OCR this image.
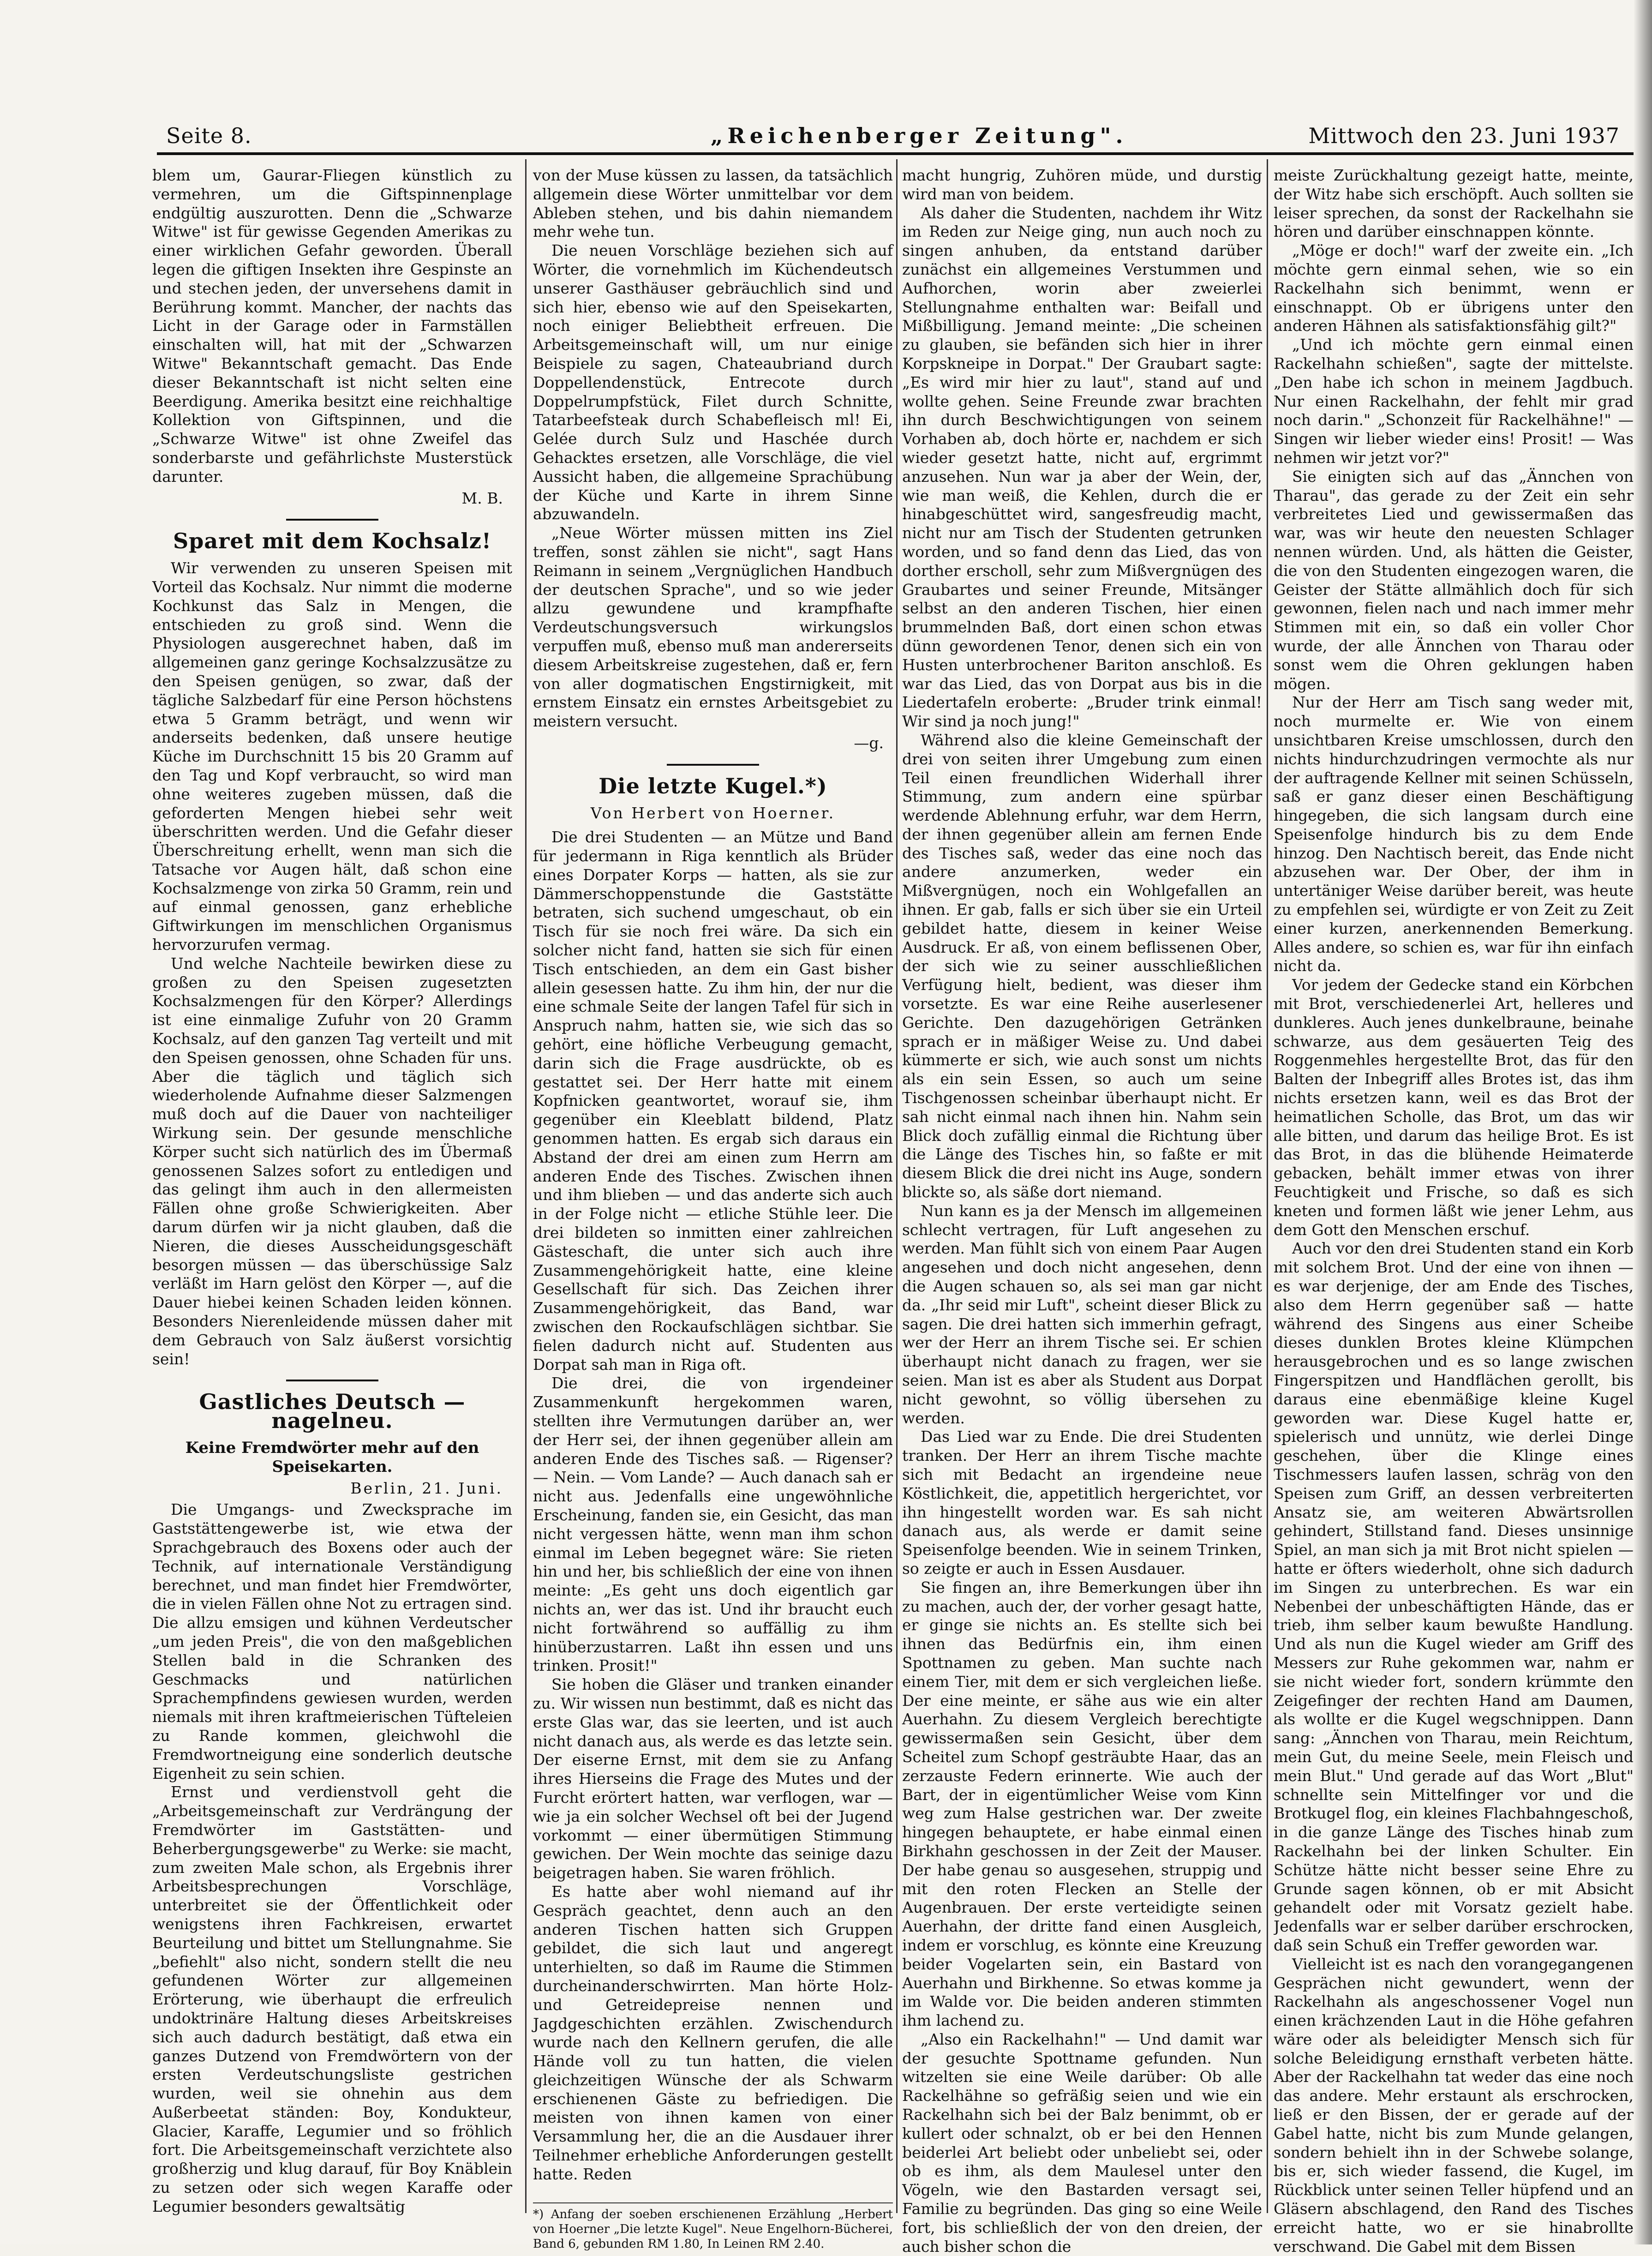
Seite 8.	„Reichenberger Zeitung".	Mittwoch den 23. Juni 1937

blem um, Gaurar-Fliegen künstlich zu vermehren, um die Giftspinnenplage endgültig auszurotten. Denn die „Schwarze Witwe" ist für gewisse Gegenden Amerikas zu einer wirklichen Gefahr geworden. Überall legen die giftigen Insekten ihre Gespinste an und stechen jeden, der unversehens damit in Berührung kommt. Mancher, der nachts das Licht in der Garage oder in Farmställen einschalten will, hat mit der „Schwarzen Witwe" Bekanntschaft gemacht. Das Ende dieser Bekanntschaft ist nicht selten eine Beerdigung. Amerika besitzt eine reichhaltige Kollektion von Giftspinnen, und die „Schwarze Witwe" ist ohne Zweifel das sonderbarste und gefährlichste Musterstück darunter.

M. B.
Sparet mit dem Kochsalz!

Wir verwenden zu unseren Speisen mit Vorteil das Kochsalz. Nur nimmt die moderne Kochkunst das Salz in Mengen, die entschieden zu groß sind. Wenn die Physiologen ausgerechnet haben, daß im allgemeinen ganz geringe Kochsalzzusätze zu den Speisen genügen, so zwar, daß der tägliche Salzbedarf für eine Person höchstens etwa 5 Gramm beträgt, und wenn wir anderseits bedenken, daß unsere heutige Küche im Durchschnitt 15 bis 20 Gramm auf den Tag und Kopf verbraucht, so wird man ohne weiteres zugeben müssen, daß die geforderten Mengen hiebei sehr weit überschritten werden. Und die Gefahr dieser Überschreitung erhellt, wenn man sich die Tatsache vor Augen hält, daß schon eine Kochsalzmenge von zirka 50 Gramm, rein und auf einmal genossen, ganz erhebliche Giftwirkungen im menschlichen Organismus hervorzurufen vermag.

Und welche Nachteile bewirken diese zu großen zu den Speisen zugesetzten Kochsalzmengen für den Körper? Allerdings ist eine einmalige Zufuhr von 20 Gramm Kochsalz, auf den ganzen Tag verteilt und mit den Speisen genossen, ohne Schaden für uns. Aber die täglich und täglich sich wiederholende Aufnahme dieser Salzmengen muß doch auf die Dauer von nachteiliger Wirkung sein. Der gesunde menschliche Körper sucht sich natürlich des im Übermaß genossenen Salzes sofort zu entledigen und das gelingt ihm auch in den allermeisten Fällen ohne große Schwierigkeiten. Aber darum dürfen wir ja nicht glauben, daß die Nieren, die dieses Ausscheidungsgeschäft besorgen müssen — das überschüssige Salz verläßt im Harn gelöst den Körper —, auf die Dauer hiebei keinen Schaden leiden können. Besonders Nierenleidende müssen daher mit dem Gebrauch von Salz äußerst vorsichtig sein!

Gastliches Deutsch — nagelneu.
Keine Fremdwörter mehr auf den Speisekarten.
Berlin, 21. Juni.

Die Umgangs- und Zwecksprache im Gaststättengewerbe ist, wie etwa der Sprachgebrauch des Boxens oder auch der Technik, auf internationale Verständigung berechnet, und man findet hier Fremdwörter, die in vielen Fällen ohne Not zu ertragen sind. Die allzu emsigen und kühnen Verdeutscher „um jeden Preis", die von den maßgeblichen Stellen bald in die Schranken des Geschmacks und natürlichen Sprachempfindens gewiesen wurden, werden niemals mit ihren kraftmeierischen Tüfteleien zu Rande kommen, gleichwohl die Fremdwortneigung eine sonderlich deutsche Eigenheit zu sein schien.

Ernst und verdienstvoll geht die „Arbeitsgemeinschaft zur Verdrängung der Fremdwörter im Gaststätten- und Beherbergungsgewerbe" zu Werke: sie macht, zum zweiten Male schon, als Ergebnis ihrer Arbeitsbesprechungen Vorschläge, unterbreitet sie der Öffentlichkeit oder wenigstens ihren Fachkreisen, erwartet Beurteilung und bittet um Stellungnahme. Sie „befiehlt" also nicht, sondern stellt die neu gefundenen Wörter zur allgemeinen Erörterung, wie überhaupt die erfreulich undoktrinäre Haltung dieses Arbeitskreises sich auch dadurch bestätigt, daß etwa ein ganzes Dutzend von Fremdwörtern von der ersten Verdeutschungsliste gestrichen wurden, weil sie ohnehin aus dem Außerbeetat ständen: Boy, Kondukteur, Glacier, Karaffe, Legumier und so fröhlich fort. Die Arbeitsgemeinschaft verzichtete also großherzig und klug darauf, für Boy Knäblein zu setzen oder sich wegen Karaffe oder Legumier besonders gewaltsätig

von der Muse küssen zu lassen, da tatsächlich allgemein diese Wörter unmittelbar vor dem Ableben stehen, und bis dahin niemandem mehr wehe tun.

Die neuen Vorschläge beziehen sich auf Wörter, die vornehmlich im Küchendeutsch unserer Gasthäuser gebräuchlich sind und sich hier, ebenso wie auf den Speisekarten, noch einiger Beliebtheit erfreuen. Die Arbeitsgemeinschaft will, um nur einige Beispiele zu sagen, Chateaubriand durch Doppellendenstück, Entrecote durch Doppelrumpfstück, Filet durch Schnitte, Tatarbeefsteak durch Schabefleisch ml! Ei, Gelée durch Sulz und Haschée durch Gehacktes ersetzen, alle Vorschläge, die viel Aussicht haben, die allgemeine Sprachübung der Küche und Karte in ihrem Sinne abzuwandeln.

„Neue Wörter müssen mitten ins Ziel treffen, sonst zählen sie nicht", sagt Hans Reimann in seinem „Vergnüglichen Handbuch der deutschen Sprache", und so wie jeder allzu gewundene und krampfhafte Verdeutschungsversuch wirkungslos verpuffen muß, ebenso muß man andererseits diesem Arbeitskreise zugestehen, daß er, fern von aller dogmatischen Engstirnigkeit, mit ernstem Einsatz ein ernstes Arbeitsgebiet zu meistern versucht.

—g.
Die letzte Kugel.*)
Von Herbert von Hoerner.

Die drei Studenten — an Mütze und Band für jedermann in Riga kenntlich als Brüder eines Dorpater Korps — hatten, als sie zur Dämmerschoppenstunde die Gaststätte betraten, sich suchend umgeschaut, ob ein Tisch für sie noch frei wäre. Da sich ein solcher nicht fand, hatten sie sich für einen Tisch entschieden, an dem ein Gast bisher allein gesessen hatte. Zu ihm hin, der nur die eine schmale Seite der langen Tafel für sich in Anspruch nahm, hatten sie, wie sich das so gehört, eine höfliche Verbeugung gemacht, darin sich die Frage ausdrückte, ob es gestattet sei. Der Herr hatte mit einem Kopfnicken geantwortet, worauf sie, ihm gegenüber ein Kleeblatt bildend, Platz genommen hatten. Es ergab sich daraus ein Abstand der drei am einen zum Herrn am anderen Ende des Tisches. Zwischen ihnen und ihm blieben — und das anderte sich auch in der Folge nicht — etliche Stühle leer. Die drei bildeten so inmitten einer zahlreichen Gästeschaft, die unter sich auch ihre Zusammengehörigkeit hatte, eine kleine Gesellschaft für sich. Das Zeichen ihrer Zusammengehörigkeit, das Band, war zwischen den Rockaufschlägen sichtbar. Sie fielen dadurch nicht auf. Studenten aus Dorpat sah man in Riga oft.

Die drei, die von irgendeiner Zusammenkunft hergekommen waren, stellten ihre Vermutungen darüber an, wer der Herr sei, der ihnen gegenüber allein am anderen Ende des Tisches saß. — Rigenser? — Nein. — Vom Lande? — Auch danach sah er nicht aus. Jedenfalls eine ungewöhnliche Erscheinung, fanden sie, ein Gesicht, das man nicht vergessen hätte, wenn man ihm schon einmal im Leben begegnet wäre: Sie rieten hin und her, bis schließlich der eine von ihnen meinte: „Es geht uns doch eigentlich gar nichts an, wer das ist. Und ihr braucht euch nicht fortwährend so auffällig zu ihm hinüberzustarren. Laßt ihn essen und uns trinken. Prosit!"

Sie hoben die Gläser und tranken einander zu. Wir wissen nun bestimmt, daß es nicht das erste Glas war, das sie leerten, und ist auch nicht danach aus, als werde es das letzte sein. Der eiserne Ernst, mit dem sie zu Anfang ihres Hierseins die Frage des Mutes und der Furcht erörtert hatten, war verflogen, war — wie ja ein solcher Wechsel oft bei der Jugend vorkommt — einer übermütigen Stimmung gewichen. Der Wein mochte das seinige dazu beigetragen haben. Sie waren fröhlich.

Es hatte aber wohl niemand auf ihr Gespräch geachtet, denn auch an den anderen Tischen hatten sich Gruppen gebildet, die sich laut und angeregt unterhielten, so daß im Raume die Stimmen durcheinanderschwirrten. Man hörte Holz- und Getreidepreise nennen und Jagdgeschichten erzählen. Zwischendurch wurde nach den Kellnern gerufen, die alle Hände voll zu tun hatten, die vielen gleichzeitigen Wünsche der als Schwarm erschienenen Gäste zu befriedigen. Die meisten von ihnen kamen von einer Versammlung her, die an die Ausdauer ihrer Teilnehmer erhebliche Anforderungen gestellt hatte. Reden

*) Anfang der soeben erschienenen Erzählung „Herbert von Hoerner „Die letzte Kugel". Neue Engelhorn-Bücherei, Band 6, gebunden RM 1.80, In Leinen RM 2.40.

macht hungrig, Zuhören müde, und durstig wird man von beidem.

Als daher die Studenten, nachdem ihr Witz im Reden zur Neige ging, nun auch noch zu singen anhuben, da entstand darüber zunächst ein allgemeines Verstummen und Aufhorchen, worin aber zweierlei Stellungnahme enthalten war: Beifall und Mißbilligung. Jemand meinte: „Die scheinen zu glauben, sie befänden sich hier in ihrer Korpskneipe in Dorpat." Der Graubart sagte: „Es wird mir hier zu laut", stand auf und wollte gehen. Seine Freunde zwar brachten ihn durch Beschwichtigungen von seinem Vorhaben ab, doch hörte er, nachdem er sich wieder gesetzt hatte, nicht auf, ergrimmt anzusehen. Nun war ja aber der Wein, der, wie man weiß, die Kehlen, durch die er hinabgeschüttet wird, sangesfreudig macht, nicht nur am Tisch der Studenten getrunken worden, und so fand denn das Lied, das von dorther erscholl, sehr zum Mißvergnügen des Graubartes und seiner Freunde, Mitsänger selbst an den anderen Tischen, hier einen brummelnden Baß, dort einen schon etwas dünn gewordenen Tenor, denen sich ein von Husten unterbrochener Bariton anschloß. Es war das Lied, das von Dorpat aus bis in die Liedertafeln eroberte: „Bruder trink einmal! Wir sind ja noch jung!"

Während also die kleine Gemeinschaft der drei von seiten ihrer Umgebung zum einen Teil einen freundlichen Widerhall ihrer Stimmung, zum andern eine spürbar werdende Ablehnung erfuhr, war dem Herrn, der ihnen gegenüber allein am fernen Ende des Tisches saß, weder das eine noch das andere anzumerken, weder ein Mißvergnügen, noch ein Wohlgefallen an ihnen. Er gab, falls er sich über sie ein Urteil gebildet hatte, diesem in keiner Weise Ausdruck. Er aß, von einem beflissenen Ober, der sich wie zu seiner ausschließlichen Verfügung hielt, bedient, was dieser ihm vorsetzte. Es war eine Reihe auserlesener Gerichte. Den dazugehörigen Getränken sprach er in mäßiger Weise zu. Und dabei kümmerte er sich, wie auch sonst um nichts als ein sein Essen, so auch um seine Tischgenossen scheinbar überhaupt nicht. Er sah nicht einmal nach ihnen hin. Nahm sein Blick doch zufällig einmal die Richtung über die Länge des Tisches hin, so faßte er mit diesem Blick die drei nicht ins Auge, sondern blickte so, als säße dort niemand.

Nun kann es ja der Mensch im allgemeinen schlecht vertragen, für Luft angesehen zu werden. Man fühlt sich von einem Paar Augen angesehen und doch nicht angesehen, denn die Augen schauen so, als sei man gar nicht da. „Ihr seid mir Luft", scheint dieser Blick zu sagen. Die drei hatten sich immerhin gefragt, wer der Herr an ihrem Tische sei. Er schien überhaupt nicht danach zu fragen, wer sie seien. Man ist es aber als Student aus Dorpat nicht gewohnt, so völlig übersehen zu werden.

Das Lied war zu Ende. Die drei Studenten tranken. Der Herr an ihrem Tische machte sich mit Bedacht an irgendeine neue Köstlichkeit, die, appetitlich hergerichtet, vor ihn hingestellt worden war. Es sah nicht danach aus, als werde er damit seine Speisenfolge beenden. Wie in seinem Trinken, so zeigte er auch in Essen Ausdauer.

Sie fingen an, ihre Bemerkungen über ihn zu machen, auch der, der vorher gesagt hatte, er ginge sie nichts an. Es stellte sich bei ihnen das Bedürfnis ein, ihm einen Spottnamen zu geben. Man suchte nach einem Tier, mit dem er sich vergleichen ließe. Der eine meinte, er sähe aus wie ein alter Auerhahn. Zu diesem Vergleich berechtigte gewissermaßen sein Gesicht, über dem Scheitel zum Schopf gesträubte Haar, das an zerzauste Federn erinnerte. Wie auch der Bart, der in eigentümlicher Weise vom Kinn weg zum Halse gestrichen war. Der zweite hingegen behauptete, er habe einmal einen Birkhahn geschossen in der Zeit der Mauser. Der habe genau so ausgesehen, struppig und mit den roten Flecken an Stelle der Augenbrauen. Der erste verteidigte seinen Auerhahn, der dritte fand einen Ausgleich, indem er vorschlug, es könnte eine Kreuzung beider Vogelarten sein, ein Bastard von Auerhahn und Birkhenne. So etwas komme ja im Walde vor. Die beiden anderen stimmten ihm lachend zu.

„Also ein Rackelhahn!" — Und damit war der gesuchte Spottname gefunden. Nun witzelten sie eine Weile darüber: Ob alle Rackelhähne so gefräßig seien und wie ein Rackelhahn sich bei der Balz benimmt, ob er kullert oder schnalzt, ob er bei den Hennen beiderlei Art beliebt oder unbeliebt sei, oder ob es ihm, als dem Maulesel unter den Vögeln, wie den Bastarden versagt sei, Familie zu begründen. Das ging so eine Weile fort, bis schließlich der von den dreien, der auch bisher schon die

meiste Zurückhaltung gezeigt hatte, meinte, der Witz habe sich erschöpft. Auch sollten sie leiser sprechen, da sonst der Rackelhahn sie hören und darüber einschnappen könnte.

„Möge er doch!" warf der zweite ein. „Ich möchte gern einmal sehen, wie so ein Rackelhahn sich benimmt, wenn er einschnappt. Ob er übrigens unter den anderen Hähnen als satisfaktionsfähig gilt?"

„Und ich möchte gern einmal einen Rackelhahn schießen", sagte der mittelste. „Den habe ich schon in meinem Jagdbuch. Nur einen Rackelhahn, der fehlt mir grad noch darin." „Schonzeit für Rackelhähne!" — Singen wir lieber wieder eins! Prosit! — Was nehmen wir jetzt vor?"

Sie einigten sich auf das „Ännchen von Tharau", das gerade zu der Zeit ein sehr verbreitetes Lied und gewissermaßen das war, was wir heute den neuesten Schlager nennen würden. Und, als hätten die Geister, die von den Studenten eingezogen waren, die Geister der Stätte allmählich doch für sich gewonnen, fielen nach und nach immer mehr Stimmen mit ein, so daß ein voller Chor wurde, der alle Ännchen von Tharau oder sonst wem die Ohren geklungen haben mögen.

Nur der Herr am Tisch sang weder mit, noch murmelte er. Wie von einem unsichtbaren Kreise umschlossen, durch den nichts hindurchzudringen vermochte als nur der auftragende Kellner mit seinen Schüsseln, saß er ganz dieser einen Beschäftigung hingegeben, die sich langsam durch eine Speisenfolge hindurch bis zu dem Ende hinzog. Den Nachtisch bereit, das Ende nicht abzusehen war. Der Ober, der ihm in untertäniger Weise darüber bereit, was heute zu empfehlen sei, würdigte er von Zeit zu Zeit einer kurzen, anerkennenden Bemerkung. Alles andere, so schien es, war für ihn einfach nicht da.

Vor jedem der Gedecke stand ein Körbchen mit Brot, verschiedenerlei Art, helleres und dunkleres. Auch jenes dunkelbraune, beinahe schwarze, aus dem gesäuerten Teig des Roggenmehles hergestellte Brot, das für den Balten der Inbegriff alles Brotes ist, das ihm nichts ersetzen kann, weil es das Brot der heimatlichen Scholle, das Brot, um das wir alle bitten, und darum das heilige Brot. Es ist das Brot, in das die blühende Heimaterde gebacken, behält immer etwas von ihrer Feuchtigkeit und Frische, so daß es sich kneten und formen läßt wie jener Lehm, aus dem Gott den Menschen erschuf.

Auch vor den drei Studenten stand ein Korb mit solchem Brot. Und der eine von ihnen — es war derjenige, der am Ende des Tisches, also dem Herrn gegenüber saß — hatte während des Singens aus einer Scheibe dieses dunklen Brotes kleine Klümpchen herausgebrochen und es so lange zwischen Fingerspitzen und Handflächen gerollt, bis daraus eine ebenmäßige kleine Kugel geworden war. Diese Kugel hatte er, spielerisch und unnütz, wie derlei Dinge geschehen, über die Klinge eines Tischmessers laufen lassen, schräg von den Speisen zum Griff, an dessen verbreiterten Ansatz sie, am weiteren Abwärtsrollen gehindert, Stillstand fand. Dieses unsinnige Spiel, an man sich ja mit Brot nicht spielen — hatte er öfters wiederholt, ohne sich dadurch im Singen zu unterbrechen. Es war ein Nebenbei der unbeschäftigten Hände, das er trieb, ihm selber kaum bewußte Handlung. Und als nun die Kugel wieder am Griff des Messers zur Ruhe gekommen war, nahm er sie nicht wieder fort, sondern krümmte den Zeigefinger der rechten Hand am Daumen, als wollte er die Kugel wegschnippen. Dann sang: „Ännchen von Tharau, mein Reichtum, mein Gut, du meine Seele, mein Fleisch und mein Blut." Und gerade auf das Wort „Blut" schnellte sein Mittelfinger vor und die Brotkugel flog, ein kleines Flachbahngeschoß, in die ganze Länge des Tisches hinab zum Rackelhahn bei der linken Schulter. Ein Schütze hätte nicht besser seine Ehre zu Grunde sagen können, ob er mit Absicht gehandelt oder mit Vorsatz gezielt habe. Jedenfalls war er selber darüber erschrocken, daß sein Schuß ein Treffer geworden war.

Vielleicht ist es nach den vorangegangenen Gesprächen nicht gewundert, wenn der Rackelhahn als angeschossener Vogel nun einen krächzenden Laut in die Höhe gefahren wäre oder als beleidigter Mensch sich für solche Beleidigung ernsthaft verbeten hätte. Aber der Rackelhahn tat weder das eine noch das andere. Mehr erstaunt als erschrocken, ließ er den Bissen, der er gerade auf der Gabel hatte, nicht bis zum Munde gelangen, sondern behielt ihn in der Schwebe solange, bis er, sich wieder fassend, die Kugel, im Rückblick unter seinen Teller hüpfend und an Gläsern abschlagend, den Rand des Tisches erreicht hatte, wo er sie hinabrollte verschwand. Die Gabel mit dem Bissen
